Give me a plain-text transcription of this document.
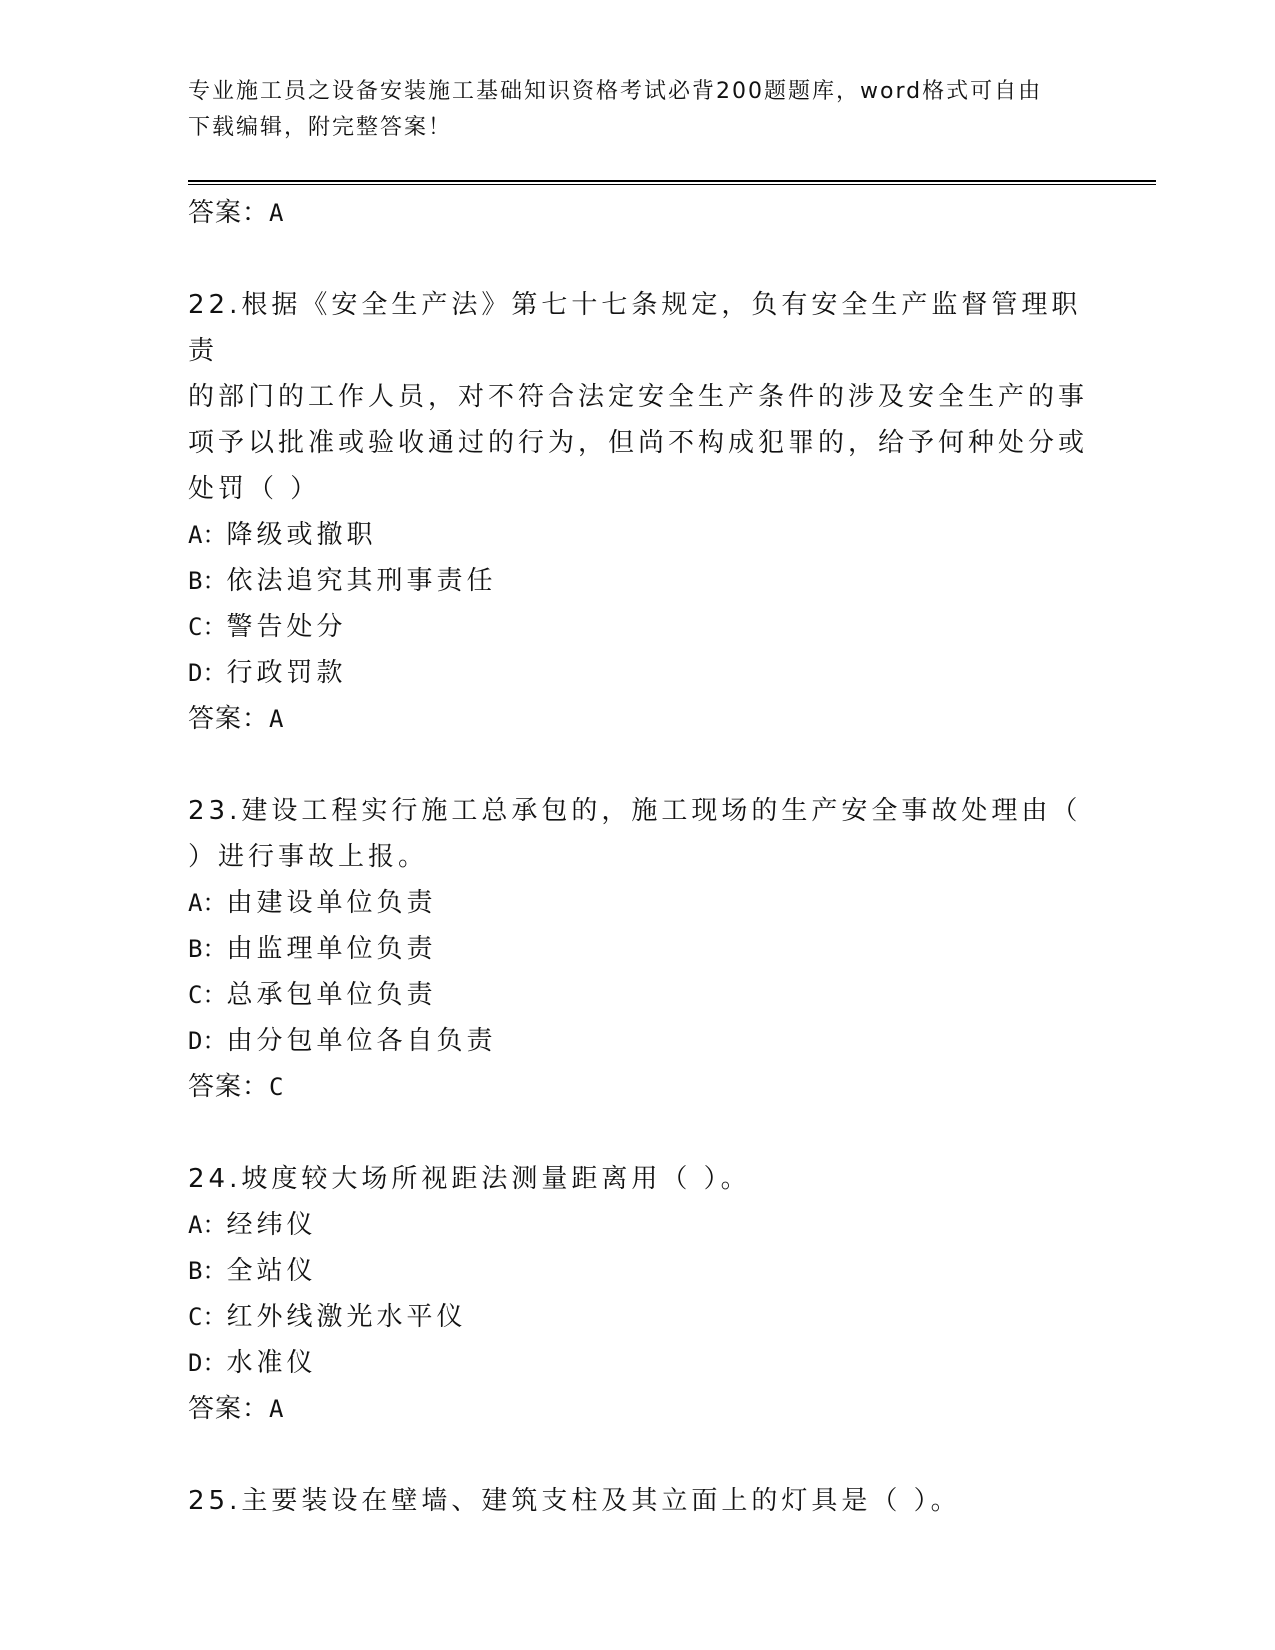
专业施工员之设备安装施工基础知识资格考试必背200题题库，word格式可自由
下载编辑，附完整答案！
答案：A
22.根据《安全生产法》第七十七条规定，负有安全生产监督管理职责
的部门的工作人员，对不符合法定安全生产条件的涉及安全生产的事
项予以批准或验收通过的行为，但尚不构成犯罪的，给予何种处分或
处罚（ ）
A：降级或撤职
B：依法追究其刑事责任
C：警告处分
D：行政罚款
答案：A
23.建设工程实行施工总承包的，施工现场的生产安全事故处理由（
）进行事故上报。
A：由建设单位负责
B：由监理单位负责
C：总承包单位负责
D：由分包单位各自负责
答案：C
24.坡度较大场所视距法测量距离用（ ）。
A：经纬仪
B：全站仪
C：红外线激光水平仪
D：水准仪
答案：A
25.主要装设在壁墙、建筑支柱及其立面上的灯具是（ ）。
